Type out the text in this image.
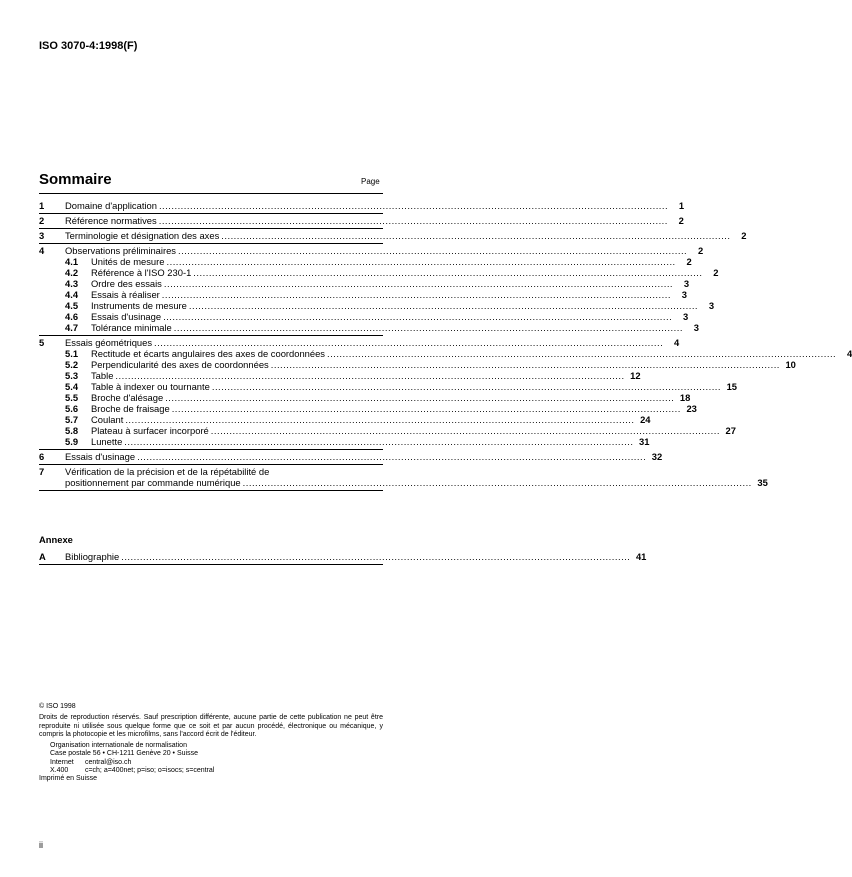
ISO 3070-4:1998(F)
Sommaire	Page
1	Domaine d'application .....	1
2	Référence normatives .....	2
3	Terminologie et désignation des axes .....	2
4	Observations préliminaires .....	2
4.1	Unités de mesure .....	2
4.2	Référence à l'ISO 230-1 .....	2
4.3	Ordre des essais .....	3
4.4	Essais à réaliser .....	3
4.5	Instruments de mesure .....	3
4.6	Essais d'usinage .....	3
4.7	Tolérance minimale .....	3
5	Essais géométriques .....	4
5.1	Rectitude et écarts angulaires des axes de coordonnées .....	4
5.2	Perpendicularité des axes de coordonnées .....	10
5.3	Table .....	12
5.4	Table à indexer ou tournante .....	15
5.5	Broche d'alésage .....	18
5.6	Broche de fraisage .....	23
5.7	Coulant .....	24
5.8	Plateau à surfacer incorporé .....	27
5.9	Lunette .....	31
6	Essais d'usinage .....	32
7	Vérification de la précision et de la répétabilité de
positionnement par commande numérique .....	35
Annexe
A	Bibliographie .....	41

© ISO 1998

Droits de reproduction réservés. Sauf prescription différente, aucune partie de cette publication ne peut être reproduite ni utilisée sous quelque forme que ce soit et par aucun procédé, électronique ou mécanique, y compris la photocopie et les microfilms, sans l'accord écrit de l'éditeur.

Organisation internationale de normalisation
Case postale 56 • CH-1211 Genève 20 • Suisse
Internet central@iso.ch
X.400 c=ch; a=400net; p=iso; o=isocs; s=central

Imprimé en Suisse

ii
